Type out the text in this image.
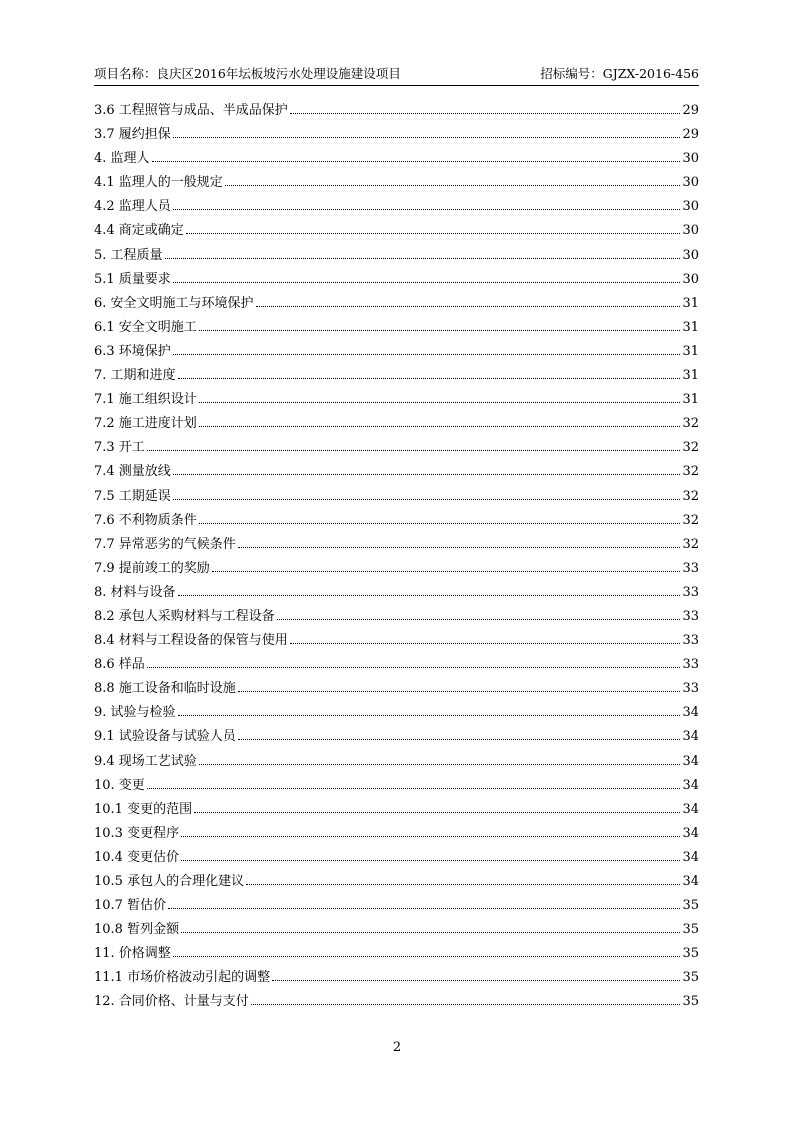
项目名称：良庆区2016年坛板坡污水处理设施建设项目	招标编号：GJZX-2016-456
3.6 工程照管与成品、半成品保护	29
3.7 履约担保	29
4. 监理人	30
4.1 监理人的一般规定	30
4.2 监理人员	30
4.4 商定或确定	30
5. 工程质量	30
5.1 质量要求	30
6. 安全文明施工与环境保护	31
6.1 安全文明施工	31
6.3 环境保护	31
7. 工期和进度	31
7.1 施工组织设计	31
7.2 施工进度计划	32
7.3 开工	32
7.4 测量放线	32
7.5 工期延误	32
7.6 不利物质条件	32
7.7 异常恶劣的气候条件	32
7.9 提前竣工的奖励	33
8. 材料与设备	33
8.2 承包人采购材料与工程设备	33
8.4 材料与工程设备的保管与使用	33
8.6 样品	33
8.8 施工设备和临时设施	33
9. 试验与检验	34
9.1 试验设备与试验人员	34
9.4 现场工艺试验	34
10. 变更	34
10.1 变更的范围	34
10.3 变更程序	34
10.4 变更估价	34
10.5 承包人的合理化建议	34
10.7 暂估价	35
10.8 暂列金额	35
11. 价格调整	35
11.1 市场价格波动引起的调整	35
12. 合同价格、计量与支付	35
2
